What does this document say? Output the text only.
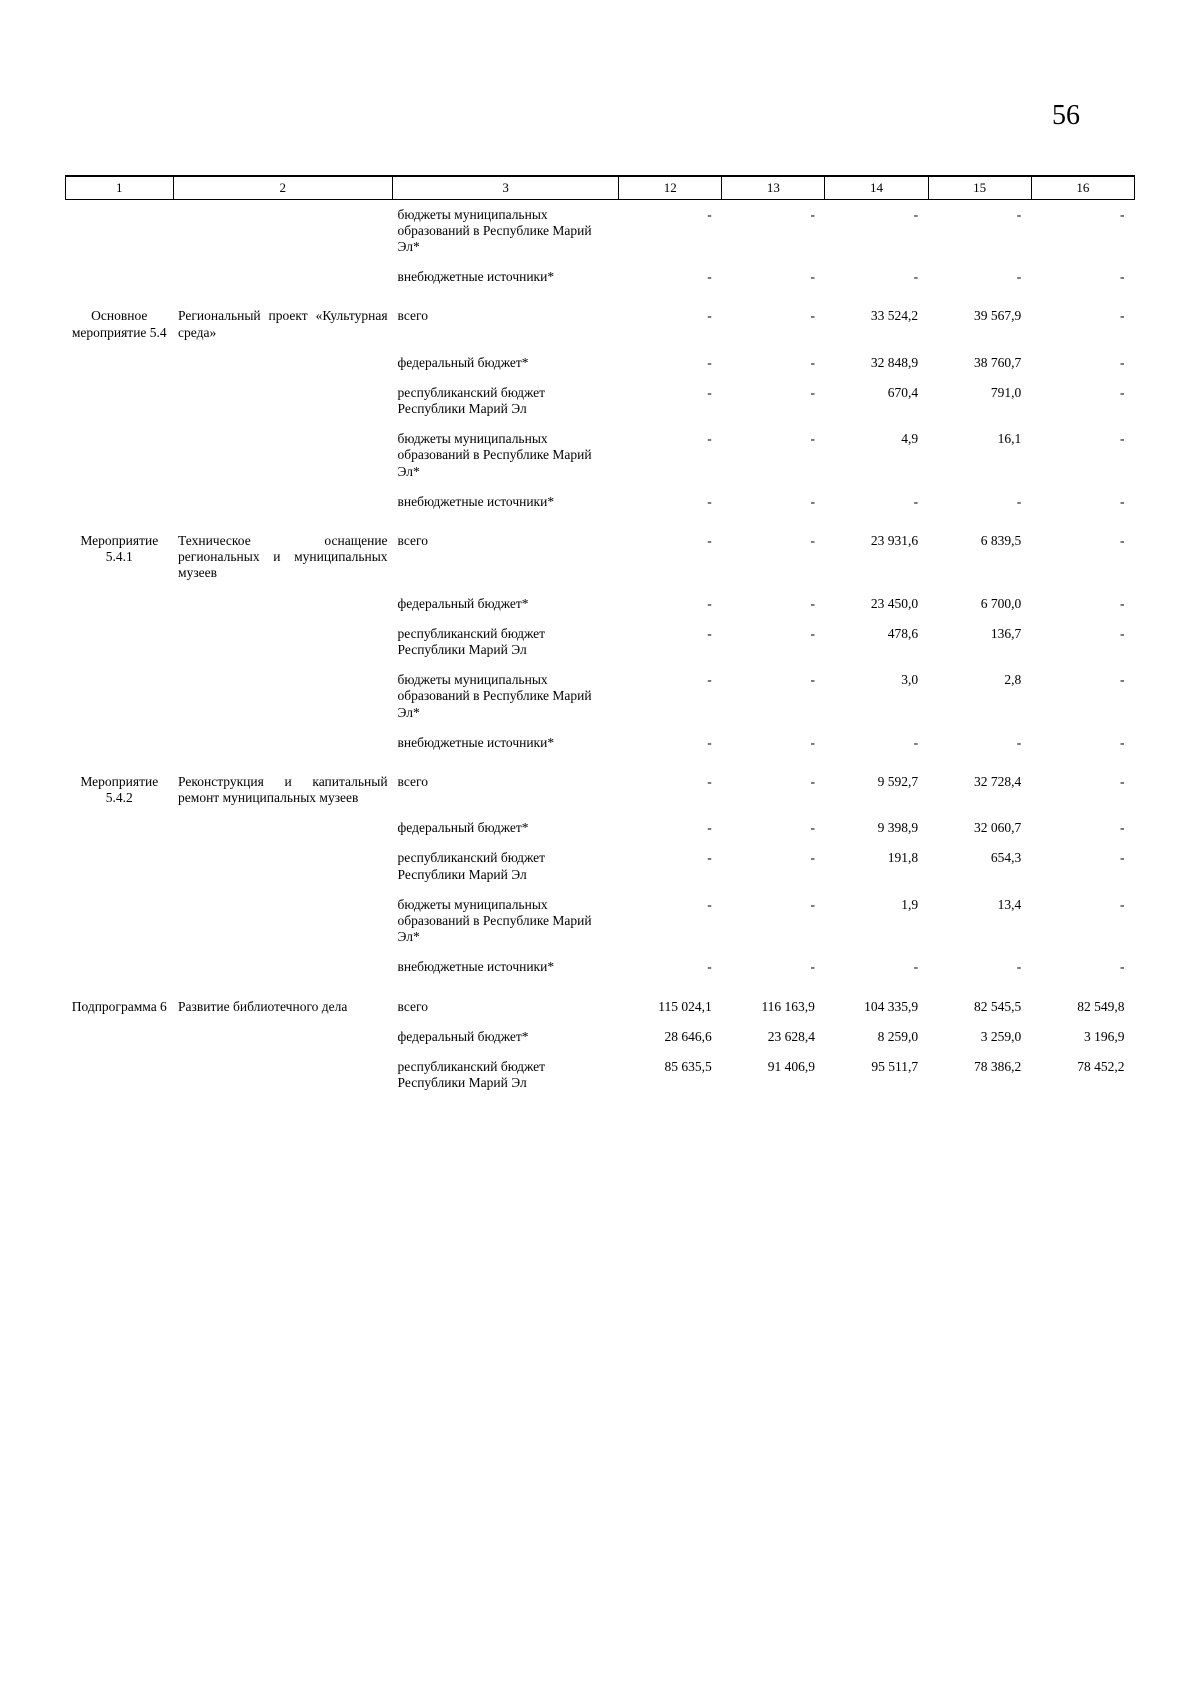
56
1	2	3	12	13	14	15	16
		бюджеты муниципальных образований в Республике Марий Эл*	-	-	-	-	-
		внебюджетные источники*	-	-	-	-	-
Основное мероприятие 5.4	Региональный проект «Культурная среда»	всего	-	-	33 524,2	39 567,9	-
		федеральный бюджет*	-	-	32 848,9	38 760,7	-
		республиканский бюджет Республики Марий Эл	-	-	670,4	791,0	-
		бюджеты муниципальных образований в Республике Марий Эл*	-	-	4,9	16,1	-
		внебюджетные источники*	-	-	-	-	-
Мероприятие 5.4.1	Техническое оснащение региональных и муниципальных музеев	всего	-	-	23 931,6	6 839,5	-
		федеральный бюджет*	-	-	23 450,0	6 700,0	-
		республиканский бюджет Республики Марий Эл	-	-	478,6	136,7	-
		бюджеты муниципальных образований в Республике Марий Эл*	-	-	3,0	2,8	-
		внебюджетные источники*	-	-	-	-	-
Мероприятие 5.4.2	Реконструкция и капитальный ремонт муниципальных музеев	всего	-	-	9 592,7	32 728,4	-
		федеральный бюджет*	-	-	9 398,9	32 060,7	-
		республиканский бюджет Республики Марий Эл	-	-	191,8	654,3	-
		бюджеты муниципальных образований в Республике Марий Эл*	-	-	1,9	13,4	-
		внебюджетные источники*	-	-	-	-	-
Подпрограмма 6	Развитие библиотечного дела	всего	115 024,1	116 163,9	104 335,9	82 545,5	82 549,8
		федеральный бюджет*	28 646,6	23 628,4	8 259,0	3 259,0	3 196,9
		республиканский бюджет Республики Марий Эл	85 635,5	91 406,9	95 511,7	78 386,2	78 452,2
